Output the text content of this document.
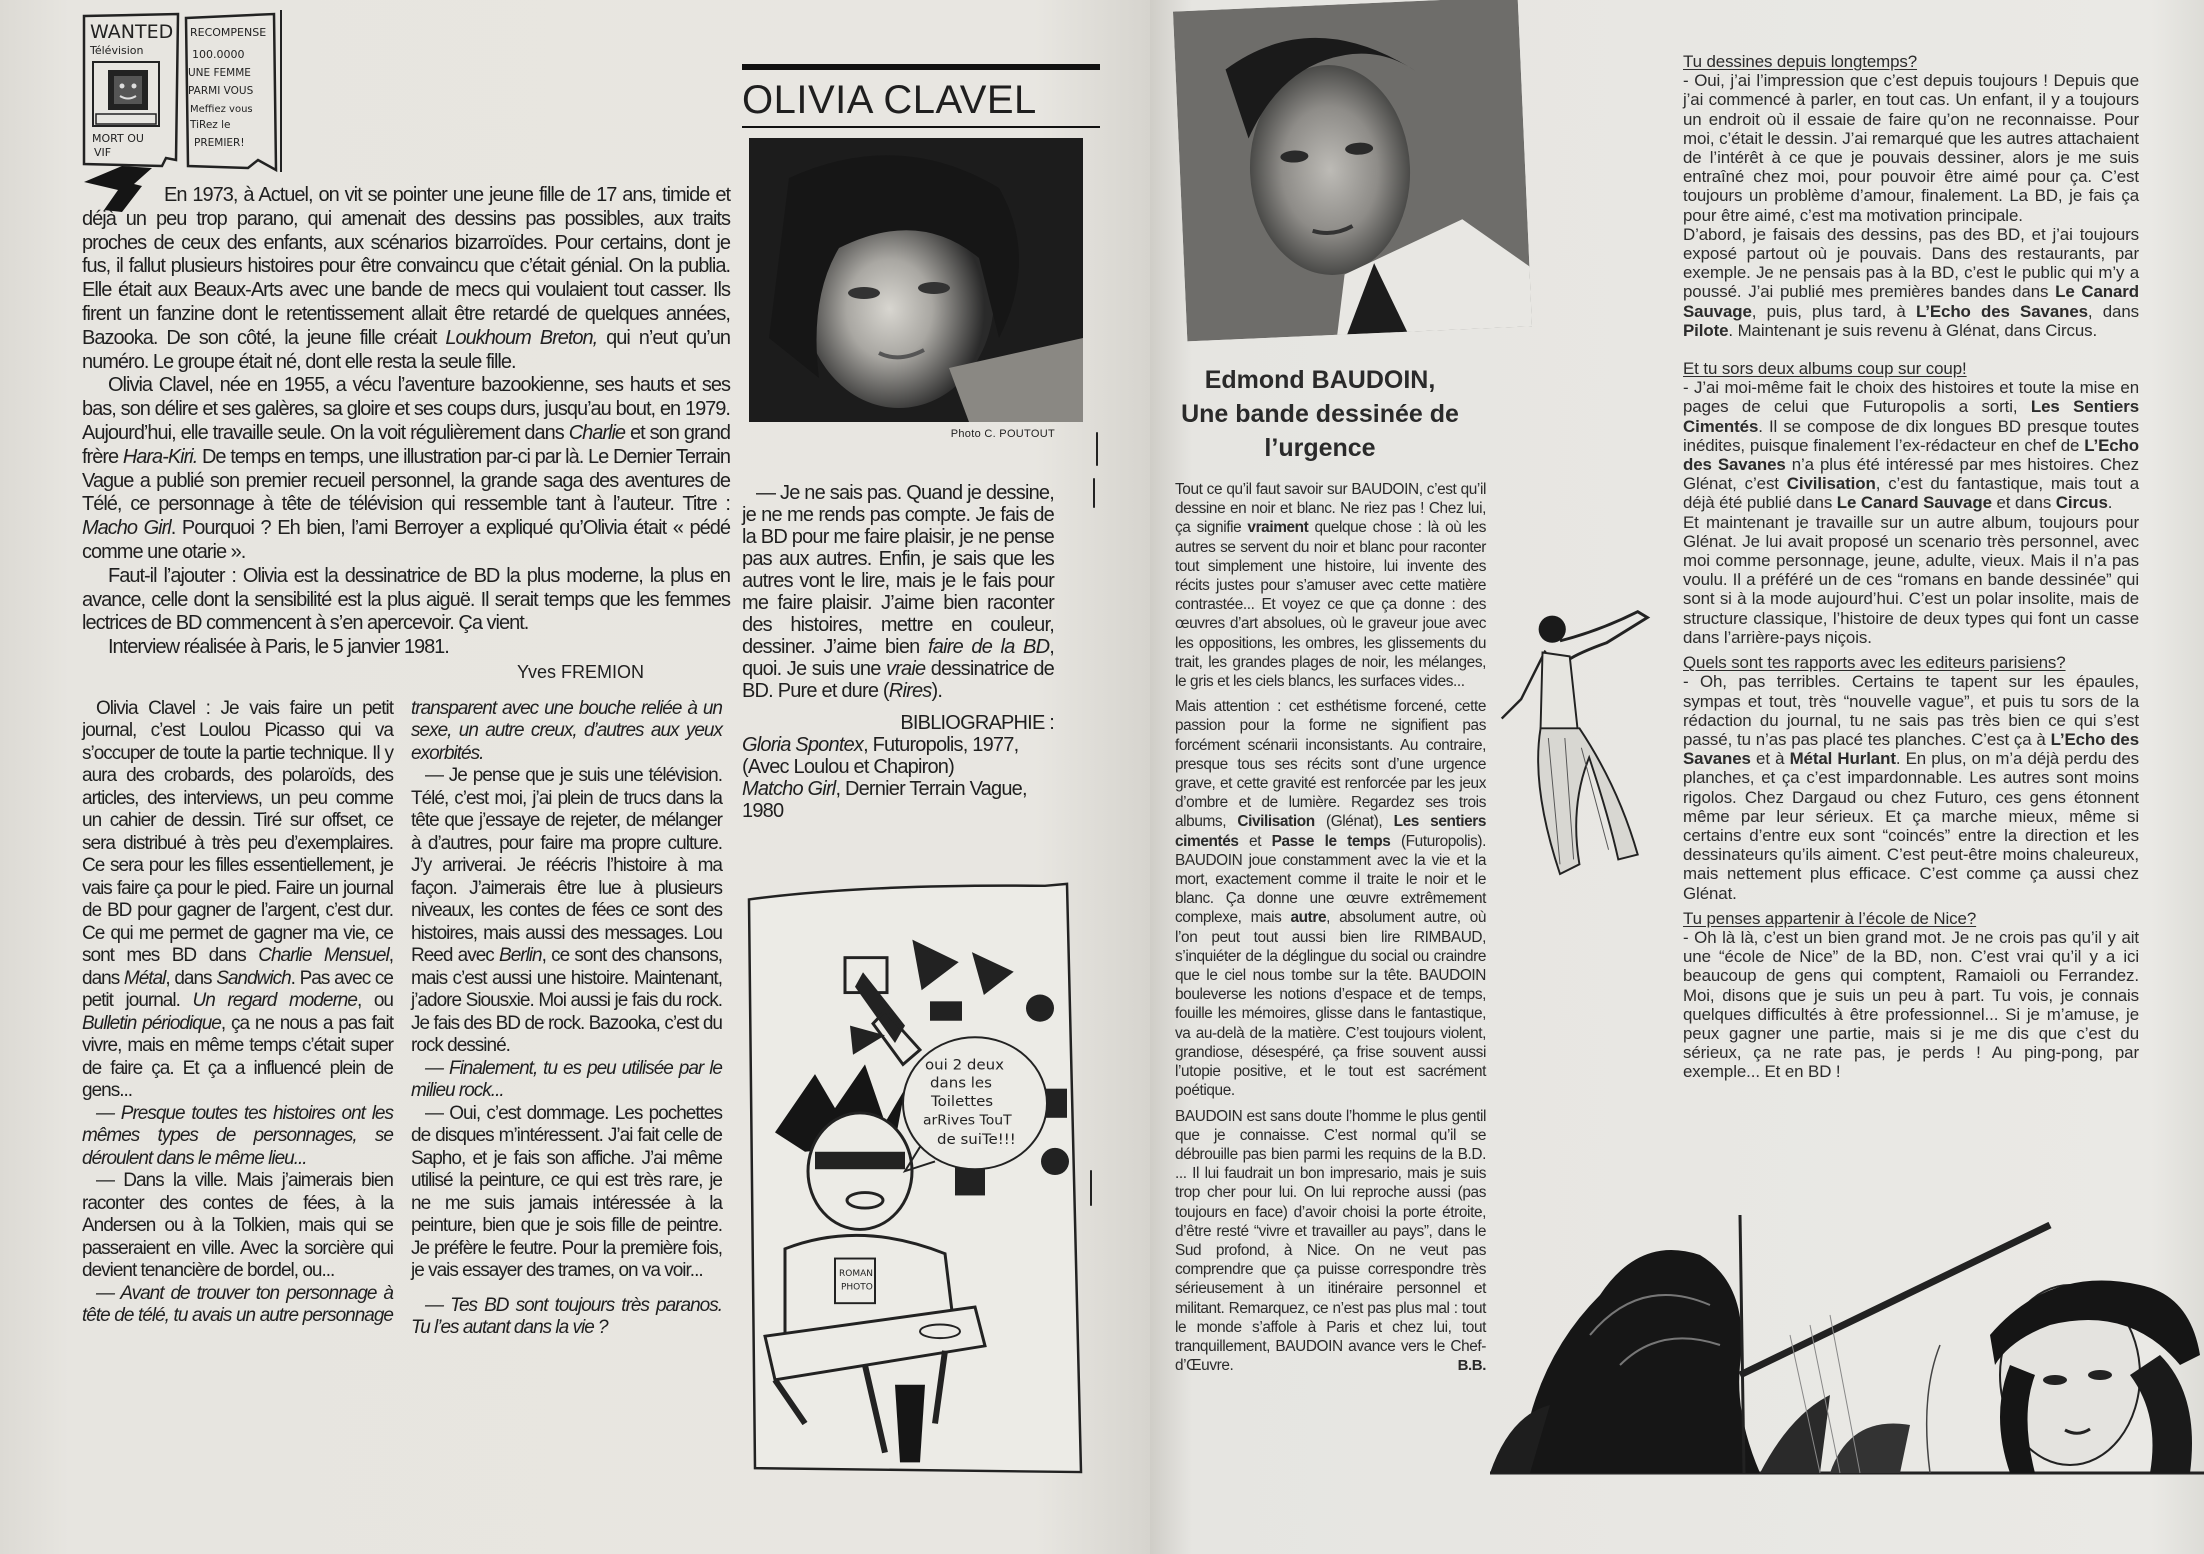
WANTED
Télévision
MORT OU
VIF
RECOMPENSE
100.0000
UNE FEMME
PARMI VOUS
Meffiez vous
TiRez le
PREMIER!

En 1973, à Actuel, on vit se pointer une jeune fille de 17 ans, timide et déjà un peu trop parano, qui amenait des dessins pas possibles, aux traits proches de ceux des enfants, aux scénarios bizarroïdes. Pour certains, dont je fus, il fallut plusieurs histoires pour être convaincu que c’était génial. On la publia. Elle était aux Beaux-Arts avec une bande de mecs qui voulaient tout casser. Ils firent un fanzine dont le retentissement allait être retardé de quelques années, Bazooka. De son côté, la jeune fille créait Loukhoum Breton, qui n’eut qu’un numéro. Le groupe était né, dont elle resta la seule fille.

Olivia Clavel, née en 1955, a vécu l’aventure bazookienne, ses hauts et ses bas, son délire et ses galères, sa gloire et ses coups durs, jusqu’au bout, en 1979. Aujourd’hui, elle travaille seule. On la voit régulièrement dans Charlie et son grand frère Hara-Kiri. De temps en temps, une illustration par-ci par là. Le Dernier Terrain Vague a publié son premier recueil personnel, la grande saga des aventures de Télé, ce personnage à tête de télévision qui ressemble tant à l’auteur. Titre : Macho Girl. Pourquoi ? Eh bien, l’ami Berroyer a expliqué qu’Olivia était « pédé comme une otarie ».

Faut-il l’ajouter : Olivia est la dessinatrice de BD la plus moderne, la plus en avance, celle dont la sensibilité est la plus aiguë. Il serait temps que les femmes lectrices de BD commencent à s’en apercevoir. Ça vient.

Interview réalisée à Paris, le 5 janvier 1981.

Yves FREMION

Olivia Clavel : Je vais faire un petit journal, c’est Loulou Picasso qui va s’occuper de toute la partie technique. Il y aura des crobards, des polaroïds, des articles, des interviews, un peu comme un cahier de dessin. Tiré sur offset, ce sera distribué à très peu d’exemplaires. Ce sera pour les filles essentiellement, je vais faire ça pour le pied. Faire un journal de BD pour gagner de l’argent, c’est dur. Ce qui me permet de gagner ma vie, ce sont mes BD dans Charlie Mensuel, dans Métal, dans Sandwich. Pas avec ce petit journal. Un regard moderne, ou Bulletin périodique, ça ne nous a pas fait vivre, mais en même temps c’était super de faire ça. Et ça a influencé plein de gens...

— Presque toutes tes histoires ont les mêmes types de personnages, se déroulent dans le même lieu...

— Dans la ville. Mais j’aimerais bien raconter des contes de fées, à la Andersen ou à la Tolkien, mais qui se passeraient en ville. Avec la sorcière qui devient tenancière de bordel, ou...

— Avant de trouver ton personnage à tête de télé, tu avais un autre personnage transparent avec une bouche reliée à un sexe, un autre creux, d’autres aux yeux exorbités.

— Je pense que je suis une télévision. Télé, c’est moi, j’ai plein de trucs dans la tête que j’essaye de rejeter, de mélanger à d’autres, pour faire ma propre culture. J’y arriverai. Je réécris l’histoire à ma façon. J’aimerais être lue à plusieurs niveaux, les contes de fées ce sont des histoires, mais aussi des messages. Lou Reed avec Berlin, ce sont des chansons, mais c’est aussi une histoire. Maintenant, j’adore Siousxie. Moi aussi je fais du rock. Je fais des BD de rock. Bazooka, c’est du rock dessiné.

— Finalement, tu es peu utilisée par le milieu rock...

— Oui, c’est dommage. Les pochettes de disques m’intéressent. J’ai fait celle de Sapho, et je fais son affiche. J’ai même utilisé la peinture, ce qui est très rare, je ne me suis jamais intéressée à la peinture, bien que je sois fille de peintre. Je préfère le feutre. Pour la première fois, je vais essayer des trames, on va voir...

— Tes BD sont toujours très paranos. Tu l’es autant dans la vie ?

OLIVIA CLAVEL
Photo C. POUTOUT

— Je ne sais pas. Quand je dessine, je ne me rends pas compte. Je fais de la BD pour me faire plaisir, je ne pense pas aux autres. Enfin, je sais que les autres vont le lire, mais je le fais pour me faire plaisir. J’aime bien raconter des histoires, mettre en couleur, dessiner. J’aime bien faire de la BD, quoi. Je suis une vraie dessinatrice de BD. Pure et dure (Rires).

BIBLIOGRAPHIE :

Gloria Spontex, Futuropolis, 1977, (Avec Loulou et Chapiron)

Matcho Girl, Dernier Terrain Vague, 1980

oui 2 deux
dans les
Toilettes
arRives TouT
de suiTe!!!
ROMAN
PHOTO
Edmond BAUDOIN,
Une bande dessinée de
l’urgence

Tout ce qu’il faut savoir sur BAUDOIN, c’est qu’il dessine en noir et blanc. Ne riez pas ! Chez lui, ça signifie vraiment quelque chose : là où les autres se servent du noir et blanc pour raconter tout simplement une histoire, lui invente des récits justes pour s’amuser avec cette matière contrastée... Et voyez ce que ça donne : des œuvres d’art absolues, où le graveur joue avec les oppositions, les ombres, les glissements du trait, les grandes plages de noir, les mélanges, le gris et les ciels blancs, les surfaces vides...

Mais attention : cet esthétisme forcené, cette passion pour la forme ne signifient pas forcément scénarii inconsistants. Au contraire, presque tous ses récits sont d’une urgence grave, et cette gravité est renforcée par les jeux d’ombre et de lumière. Regardez ses trois albums, Civilisation (Glénat), Les sentiers cimentés et Passe le temps (Futuropolis). BAUDOIN joue constamment avec la vie et la mort, exactement comme il traite le noir et le blanc. Ça donne une œuvre extrêmement complexe, mais autre, absolument autre, où l’on peut tout aussi bien lire RIMBAUD, s’inquiéter de la déglingue du social ou craindre que le ciel nous tombe sur la tête. BAUDOIN bouleverse les notions d’espace et de temps, fouille les mémoires, glisse dans le fantastique, va au-delà de la matière. C’est toujours violent, grandiose, désespéré, ça frise souvent aussi l’utopie positive, et le tout est sacrément poétique.

BAUDOIN est sans doute l’homme le plus gentil que je connaisse. C’est normal qu’il se débrouille pas bien parmi les requins de la B.D. ... Il lui faudrait un bon impresario, mais je suis trop cher pour lui. On lui reproche aussi (pas toujours en face) d’avoir choisi la porte étroite, d’être resté “vivre et travailler au pays”, dans le Sud profond, à Nice. On ne veut pas comprendre que ça puisse correspondre très sérieusement à un itinéraire personnel et militant. Remarquez, ce n’est pas plus mal : tout le monde s’affole à Paris et chez lui, tout tranquillement, BAUDOIN avance vers le Chef-d’Œuvre.	B.B.

Tu dessines depuis longtemps?

- Oui, j’ai l’impression que c’est depuis toujours ! Depuis que j’ai commencé à parler, en tout cas. Un enfant, il y a toujours un endroit où il essaie de faire qu’on ne reconnaisse. Pour moi, c’était le dessin. J’ai remarqué que les autres attachaient de l’intérêt à ce que je pouvais dessiner, alors je me suis entraîné chez moi, pour pouvoir être aimé pour ça. C’est toujours un problème d’amour, finalement. La BD, je fais ça pour être aimé, c’est ma motivation principale.

D’abord, je faisais des dessins, pas des BD, et j’ai toujours exposé partout où je pouvais. Dans des restaurants, par exemple. Je ne pensais pas à la BD, c’est le public qui m’y a poussé. J’ai publié mes premières bandes dans Le Canard Sauvage, puis, plus tard, à L’Echo des Savanes, dans Pilote. Maintenant je suis revenu à Glénat, dans Circus.

Et tu sors deux albums coup sur coup!

- J’ai moi-même fait le choix des histoires et toute la mise en pages de celui que Futuropolis a sorti, Les Sentiers Cimentés. Il se compose de dix longues BD presque toutes inédites, puisque finalement l’ex-rédacteur en chef de L’Echo des Savanes n’a plus été intéressé par mes histoires. Chez Glénat, c’est Civilisation, c’est du fantastique, mais tout a déjà été publié dans Le Canard Sauvage et dans Circus.

Et maintenant je travaille sur un autre album, toujours pour Glénat. Je lui avait proposé un scenario très personnel, avec moi comme personnage, jeune, adulte, vieux. Mais il n’a pas voulu. Il a préféré un de ces “romans en bande dessinée” qui sont si à la mode aujourd’hui. C’est un polar insolite, mais de structure classique, l’histoire de deux types qui font un casse dans l’arrière-pays niçois.

Quels sont tes rapports avec les editeurs parisiens?

- Oh, pas terribles. Certains te tapent sur les épaules, sympas et tout, très “nouvelle vague”, et puis tu sors de la rédaction du journal, tu ne sais pas très bien ce qui s’est passé, tu n’as pas placé tes planches. C’est ça à L’Echo des Savanes et à Métal Hurlant. En plus, on m’a déjà perdu des planches, et ça c’est impardonnable. Les autres sont moins rigolos. Chez Dargaud ou chez Futuro, ces gens étonnent même par leur sérieux. Et ça marche mieux, même si certains d’entre eux sont “coincés” entre la direction et les dessinateurs qu’ils aiment. C’est peut-être moins chaleureux, mais nettement plus efficace. C’est comme ça aussi chez Glénat.

Tu penses appartenir à l’école de Nice?

- Oh là là, c’est un bien grand mot. Je ne crois pas qu’il y ait une “école de Nice” de la BD, non. C’est vrai qu’il y a ici beaucoup de gens qui comptent, Ramaioli ou Ferrandez. Moi, disons que je suis un peu à part. Tu vois, je connais quelques difficultés à être professionnel... Si je m’amuse, je peux gagner une partie, mais si je me dis que c’est du sérieux, ça ne rate pas, je perds ! Au ping-pong, par exemple... Et en BD !
